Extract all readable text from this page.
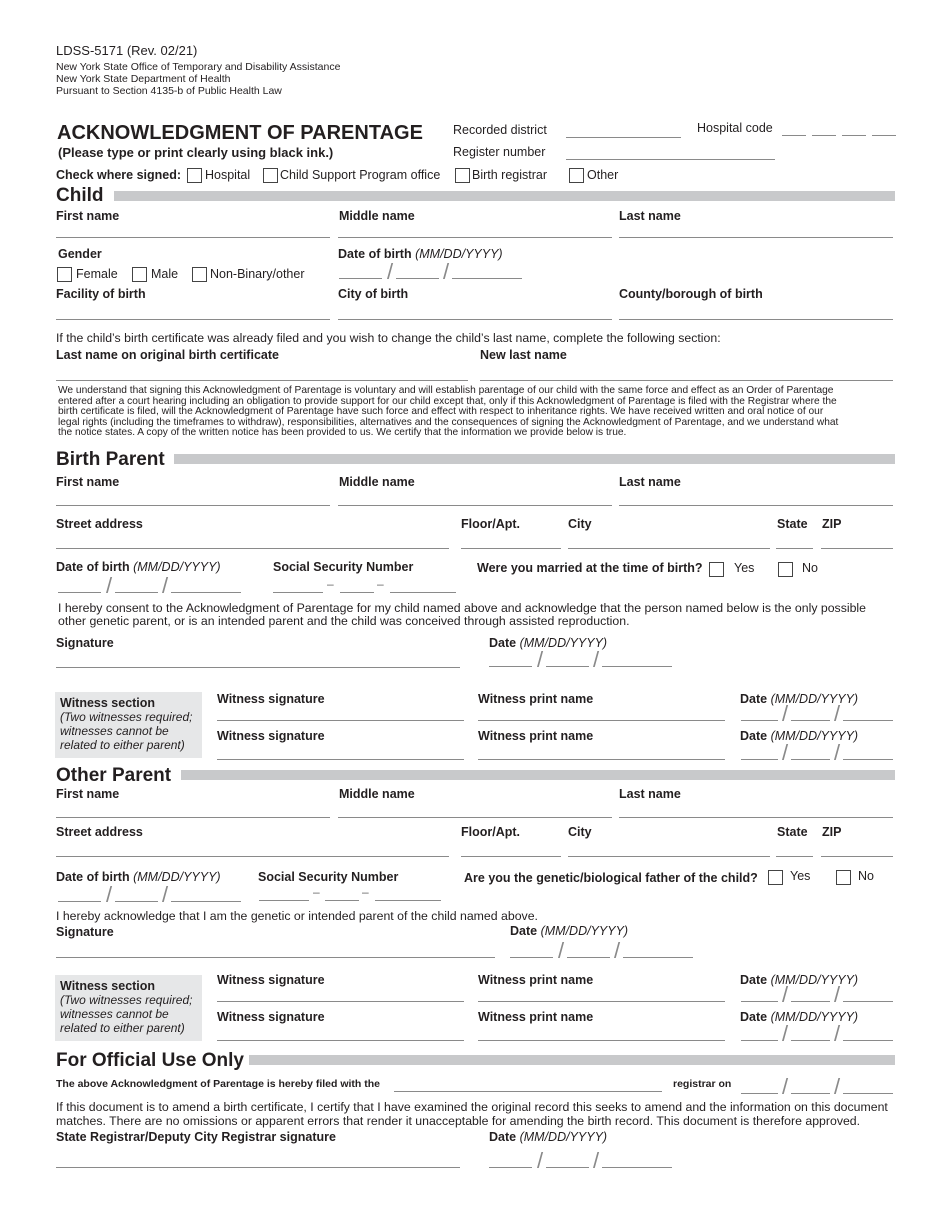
LDSS-5171 (Rev. 02/21)
New York State Office of Temporary and Disability Assistance
New York State Department of Health
Pursuant to Section 4135-b of Public Health Law
ACKNOWLEDGMENT OF PARENTAGE
(Please type or print clearly using black ink.)
Recorded district	Hospital code
Register number
Check where signed: Hospital Child Support Program office	Birth registrar	Other
Child
First name	Middle name	Last name
Gender
Female	Male	Non-Binary/other
Date of birth (MM/DD/YYYY)
/ /
Facility of birth	City of birth	County/borough of birth
If the child’s birth certificate was already filed and you wish to change the child’s last name, complete the following section:
Last name on original birth certificate	New last name
We understand that signing this Acknowledgment of Parentage is voluntary and will establish parentage of our child with the same force and effect as an Order of Parentage
entered after a court hearing including an obligation to provide support for our child except that, only if this Acknowledgment of Parentage is filed with the Registrar where the
birth certificate is filed, will the Acknowledgment of Parentage have such force and effect with respect to inheritance rights. We have received written and oral notice of our
legal rights (including the timeframes to withdraw), responsibilities, alternatives and the consequences of signing the Acknowledgment of Parentage, and we understand what
the notice states. A copy of the written notice has been provided to us. We certify that the information we provide below is true.
Birth Parent
First name	Middle name	Last name
Street address	Floor/Apt.	City	State ZIP
Date of birth (MM/DD/YYYY)
/ /
Social Security Number
–	–
Were you married at the time of birth?	Yes	No
I hereby consent to the Acknowledgment of Parentage for my child named above and acknowledge that the person named below is the only possible
other genetic parent, or is an intended parent and the child was conceived through assisted reproduction.
Signature	Date (MM/DD/YYYY)
/ /
Witness section
(Two witnesses required;
witnesses cannot be
related to either parent)
Witness signature	Witness print name	Date (MM/DD/YYYY)
/ /
Witness signature	Witness print name	Date (MM/DD/YYYY)
/ /
Other Parent
First name	Middle name	Last name
Street address	Floor/Apt.	City	State ZIP
Date of birth (MM/DD/YYYY)
/ /
Social Security Number
–	–
Are you the genetic/biological father of the child?	Yes	No
I hereby acknowledge that I am the genetic or intended parent of the child named above.
Signature	Date (MM/DD/YYYY)
/ /
Witness section
(Two witnesses required;
witnesses cannot be
related to either parent)
Witness signature	Witness print name	Date (MM/DD/YYYY)
/ /
Witness signature	Witness print name	Date (MM/DD/YYYY)
/ /
For Official Use Only
The above Acknowledgment of Parentage is hereby filed with the	registrar on / /
If this document is to amend a birth certificate, I certify that I have examined the original record this seeks to amend and the information on this document
matches. There are no omissions or apparent errors that render it unacceptable for amending the birth record. This document is therefore approved.
State Registrar/Deputy City Registrar signature	Date (MM/DD/YYYY)
/ /
